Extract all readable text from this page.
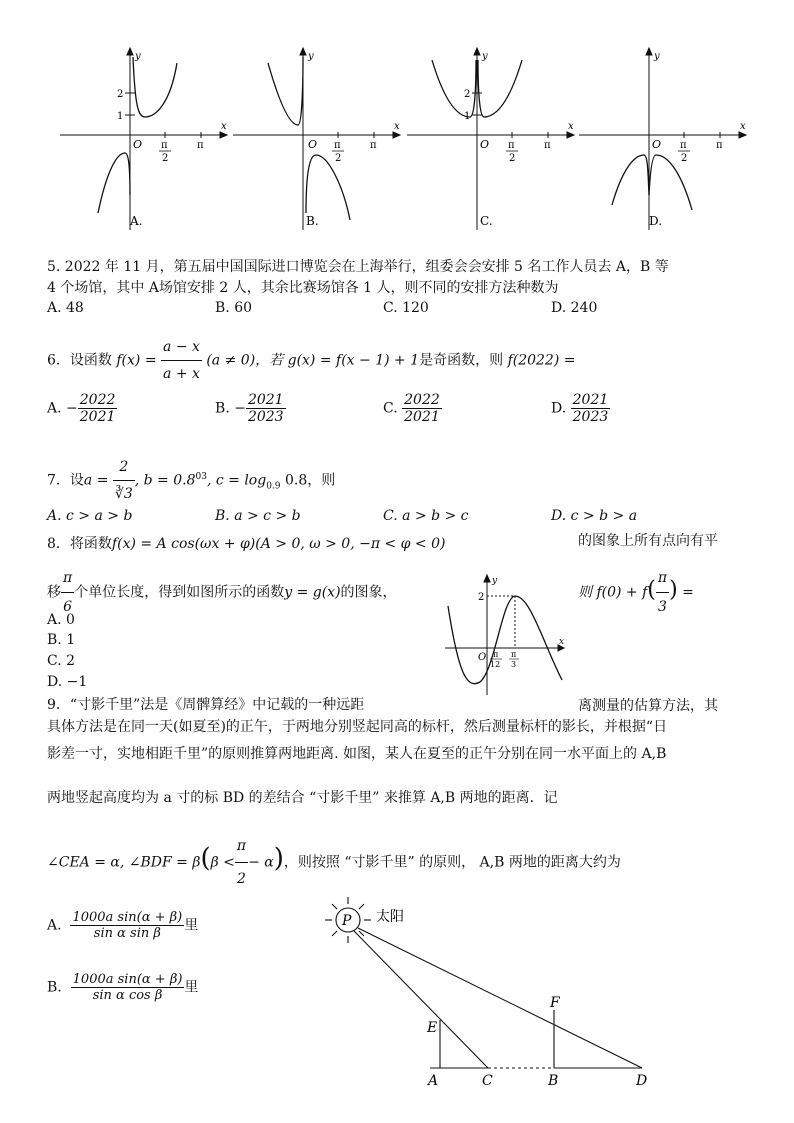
y
x
O
2
1
π
2
π
A.
y
x
O π
2
π
B.
y
x
O
2
1
π
2
π
C.
y
x
O π
2
π
D.
5. 2022 年 11 月，第五届中国国际进口博览会在上海举行，组委会会安排 5 名工作人员去 A，B 等
4 个场馆，其中 A场馆安排 2 人，其余比赛场馆各 1 人，则不同的安排方法种数为
A. 48	B. 60	C. 120	D. 240
6．设函数 $f(x) = \frac{a - x}{a + x} (a \ne 0)$，若 g(x) = f(x − 1) + 1是奇函数，则 f(2022) =
A. − $\frac{2022}{2021}$	B. − $\frac{2021}{2023}$	C. $\frac{2022}{2021}$	D. $\frac{2021}{2023}$
7．设$a = \frac{2}{∛3}$ , $b = 0.8^{03}$, $c = \log_{0.9} 0.8$，则
A. c > a > b	B. a > c > b	C. a > b > c	D. c > b > a
8．将函数f(x) = A cos(ωx + φ)(A > 0, ω > 0, −π < φ < 0)	的图象上所有点向有平
移 $\frac{\pi}{6}$ 个单位长度，得到如图所示的函数y = g(x)的图象，	则 $f(0) + f( \frac{\pi}{3}$ ) =
A. 0
B. 1
C. 2
D. −1
y
x
O
2
π
12
π
3
9．“寸影千里”法是《周髀算经》中记载的一种远距	离测量的估算方法，其
具体方法是在同一天(如夏至)的正午，于两地分别竖起同高的标杆，然后测量标杆的影长，并根据“日
影差一寸，实地相距千里”的原则推算两地距离. 如图，某人在夏至的正午分别在同一水平面上的 A,B
两地竖起高度均为 a 寸的标 BD 的差结合 “寸影千里” 来推算 A,B 两地的距离．记
∠CEA = α, ∠BDF = $\beta(\beta < \frac{\pi}{2} - \alpha)$，则按照 “寸影千里” 的原则， A,B 两地的距离大约为
A. $\frac{\text{1000a sin(α + β)}}{\text{sin α sin β}}$ 里
B. $\frac{\text{1000a sin(α + β)}}{\text{sin α cos β}}$ 里
P 太阳
E
F
A	C	B	D
